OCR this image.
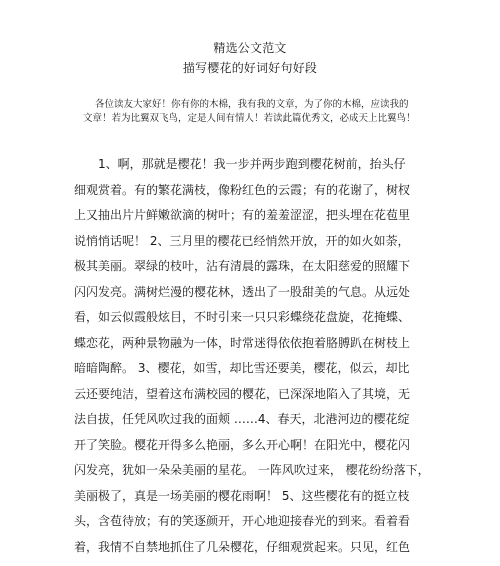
精选公文范文

描写樱花的好词好句好段

各位读友大家好！你有你的木棉，我有我的文章，为了你的木棉，应读我的
文章！若为比翼双飞鸟，定是人间有情人！若读此篇优秀文，必成天上比翼鸟！

1、啊，那就是樱花！我一步并两步跑到樱花树前，抬头仔
细观赏着。有的繁花满枝，像粉红色的云霞；有的花谢了，树杈
上又抽出片片鲜嫩欲滴的树叶；有的羞羞涩涩，把头埋在花苞里
说悄悄话呢！ 2、三月里的樱花已经悄然开放，开的如火如荼，
极其美丽。翠绿的枝叶，沾有清晨的露珠，在太阳慈爱的照耀下
闪闪发亮。满树烂漫的樱花林，透出了一股甜美的气息。从远处
看，如云似霞般炫目，不时引来一只只彩蝶绕花盘旋，花掩蝶、
蝶恋花，两种景物融为一体，时常迷得依依抱着胳膊趴在树枝上
暗暗陶醉。 3、樱花，如雪，却比雪还要美，樱花，似云，却比
云还要纯洁，望着这布满校园的樱花，已深深地陷入了其境，无
法自拔，任凭风吹过我的面颊 ……4、春天，北港河边的樱花绽
开了笑脸。樱花开得多么艳丽，多么开心啊！在阳光中，樱花闪
闪发亮，犹如一朵朵美丽的星花。 一阵风吹过来， 樱花纷纷落下，
美丽极了，真是一场美丽的樱花雨啊！ 5、这些樱花有的挺立枝
头，含苞待放；有的笑逐颜开，开心地迎接春光的到来。看着看
着，我情不自禁地抓住了几朵樱花，仔细观赏起来。只见，红色
